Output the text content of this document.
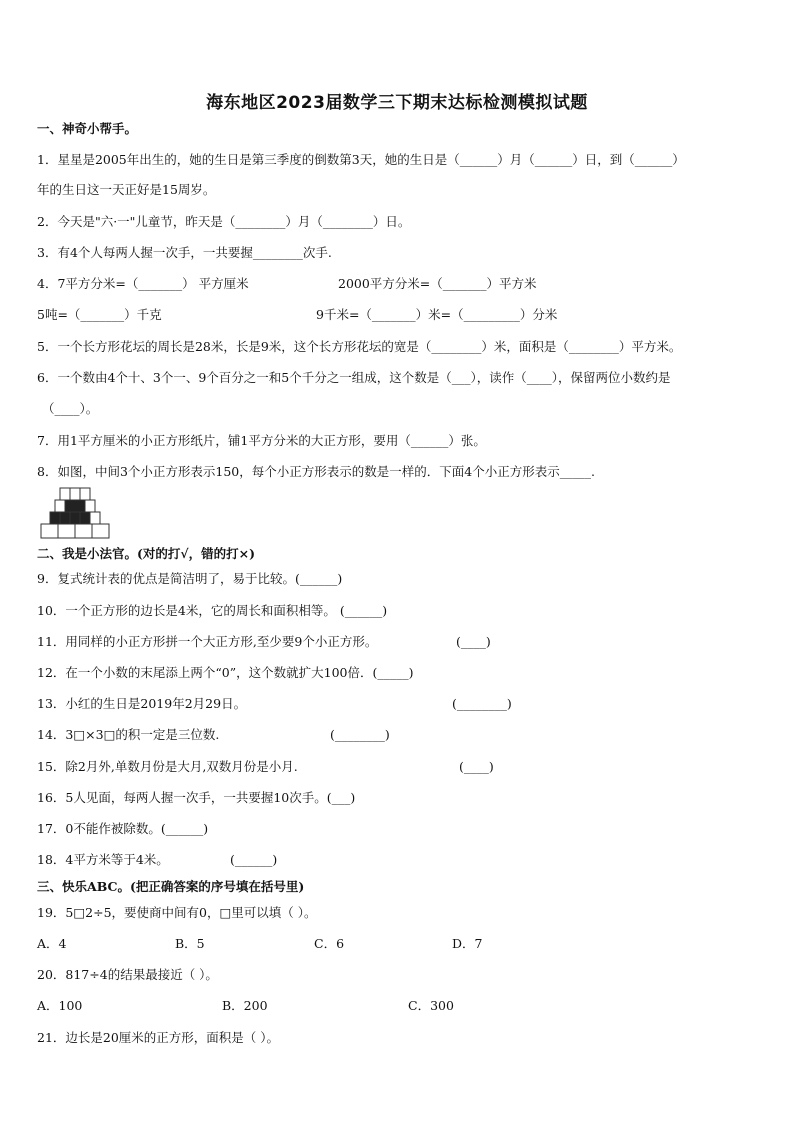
海东地区2023届数学三下期末达标检测模拟试题
一、神奇小帮手。
1．星星是2005年出生的，她的生日是第三季度的倒数第3天，她的生日是（______）月（______）日，到（______）
年的生日这一天正好是15周岁。
2．今天是"六·一"儿童节，昨天是（________）月（________）日。
3．有4个人每两人握一次手，一共要握________次手.
4．7平方分米=（_______） 平方厘米	2000平方分米=（_______）平方米
5吨=（_______）千克	9千米=（_______）米=（_________）分米
5．一个长方形花坛的周长是28米，长是9米，这个长方形花坛的宽是（________）米，面积是（________）平方米。
6．一个数由4个十、3个一、9个百分之一和5个千分之一组成，这个数是（___），读作（____），保留两位小数约是
（____）。
7．用1平方厘米的小正方形纸片，铺1平方分米的大正方形，要用（______）张。
8．如图，中间3个小正方形表示150，每个小正方形表示的数是一样的．下面4个小正方形表示_____.
二、我是小法官。(对的打√，错的打×)
9．复式统计表的优点是简洁明了，易于比较。(______)
10．一个正方形的边长是4米，它的周长和面积相等。 (______)
11．用同样的小正方形拼一个大正方形,至少要9个小正方形。	(____)
12．在一个小数的末尾添上两个“0”，这个数就扩大100倍．(_____)
13．小红的生日是2019年2月29日。	(________)
14．3□×3□的积一定是三位数.	(________)
15．除2月外,单数月份是大月,双数月份是小月.	(____)
16．5人见面，每两人握一次手，一共要握10次手。(___)
17．0不能作被除数。(______)
18．4平方米等于4米。	(______)
三、快乐ABC。(把正确答案的序号填在括号里)
19．5□2÷5，要使商中间有0，□里可以填（ ）。
A．4	B．5	C．6	D．7
20．817÷4的结果最接近（ ）。
A．100	B．200	C．300
21．边长是20厘米的正方形，面积是（ ）。
